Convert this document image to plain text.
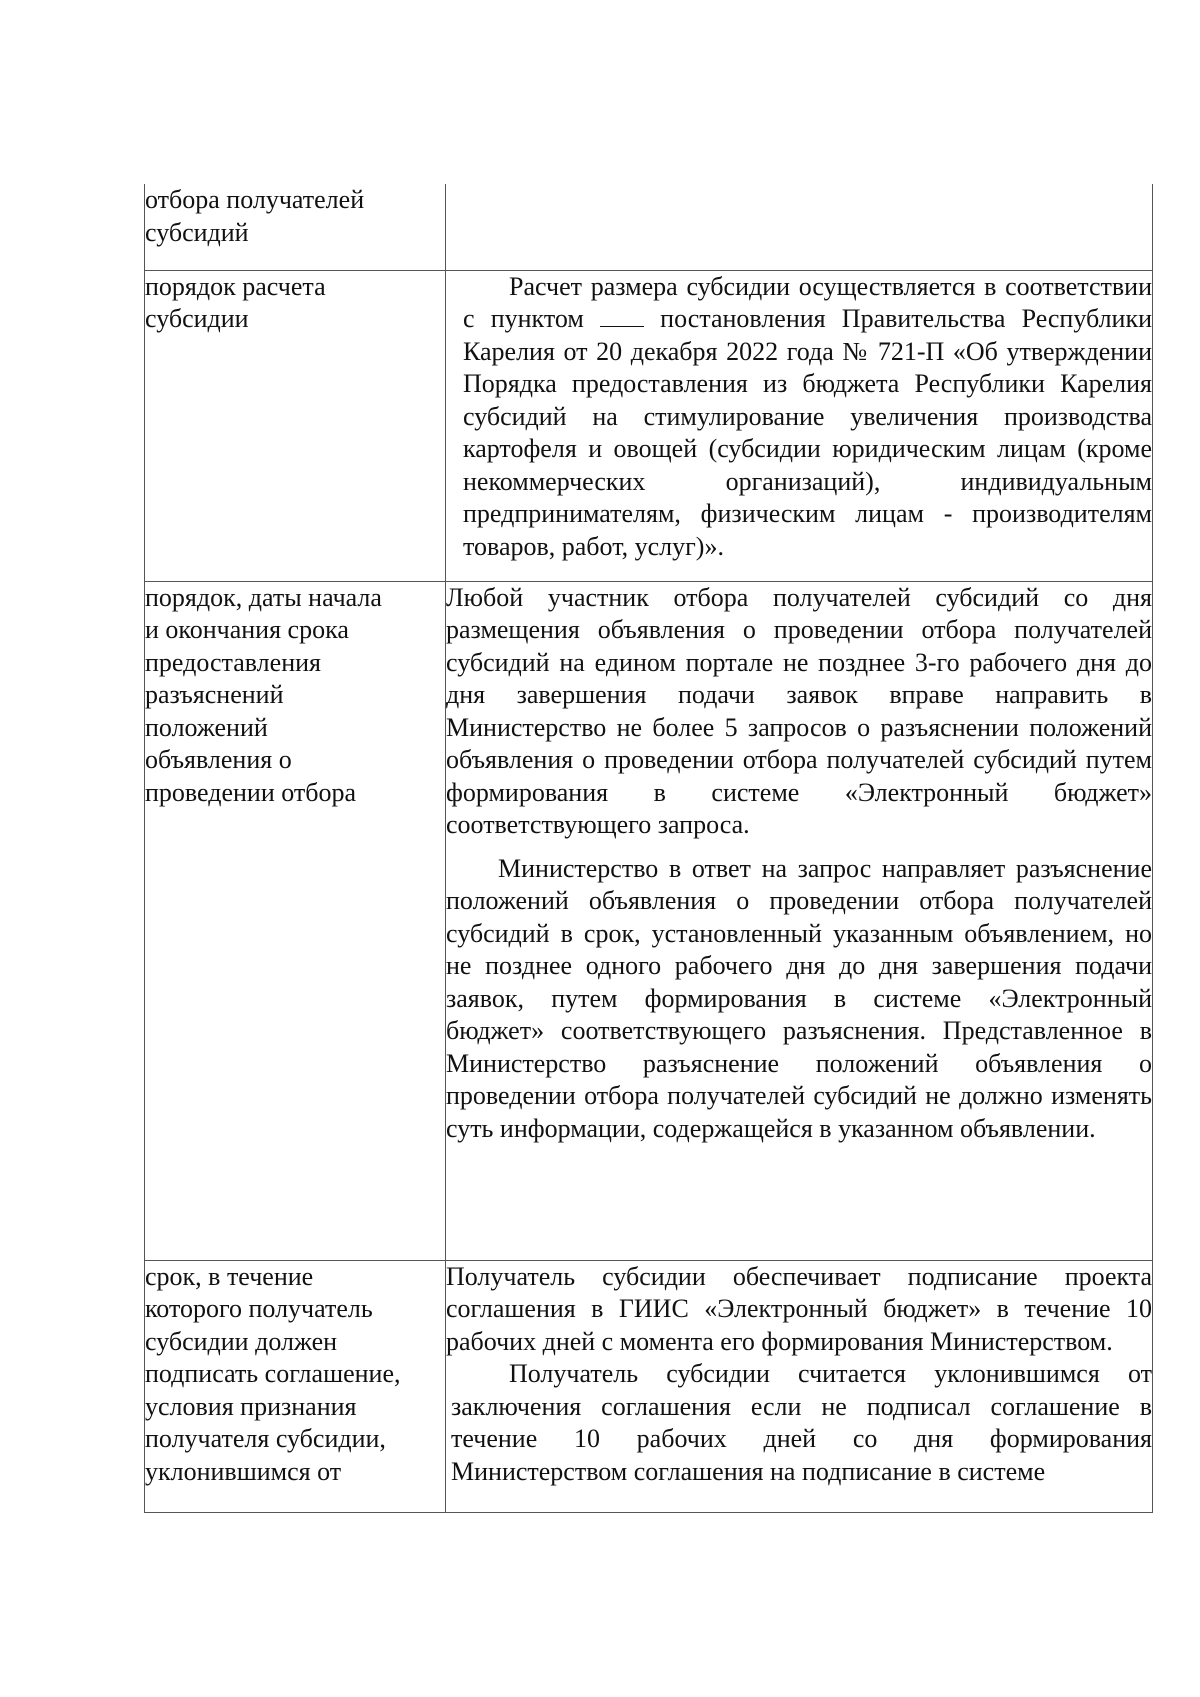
отбора получателей субсидий	

порядок расчета субсидии	Расчет размера субсидии осуществляется в соответствии с пунктом постановления Правительства Республики Карелия от 20 декабря 2022 года № 721-П «Об утверждении Порядка предоставления из бюджета Республики Карелия субсидий на стимулирование увеличения производства картофеля и овощей (субсидии юридическим лицам (кроме некоммерческих организаций), индивидуальным предпринимателям, физическим лицам - производителям товаров, работ, услуг)».

порядок, даты начала и окончания срока предоставления разъяснений положений объявления о проведении отбора	Любой участник отбора получателей субсидий со дня размещения объявления о проведении отбора получателей субсидий на едином портале не позднее 3-го рабочего дня до дня завершения подачи заявок вправе направить в Министерство не более 5 запросов о разъяснении положений объявления о проведении отбора получателей субсидий путем формирования в системе «Электронный бюджет» соответствующего запроса.

Министерство в ответ на запрос направляет разъяснение положений объявления о проведении отбора получателей субсидий в срок, установленный указанным объявлением, но не позднее одного рабочего дня до дня завершения подачи заявок, путем формирования в системе «Электронный бюджет» соответствующего разъяснения. Представленное в Министерство разъяснение положений объявления о проведении отбора получателей субсидий не должно изменять суть информации, содержащейся в указанном объявлении.

срок, в течение которого получатель субсидии должен подписать соглашение, условия признания получателя субсидии, уклонившимся от	Получатель субсидии обеспечивает подписание проекта соглашения в ГИИС «Электронный бюджет» в течение 10 рабочих дней с момента его формирования Министерством.

Получатель субсидии считается уклонившимся от заключения соглашения если не подписал соглашение в течение 10 рабочих дней со дня формирования Министерством соглашения на подписание в системе
